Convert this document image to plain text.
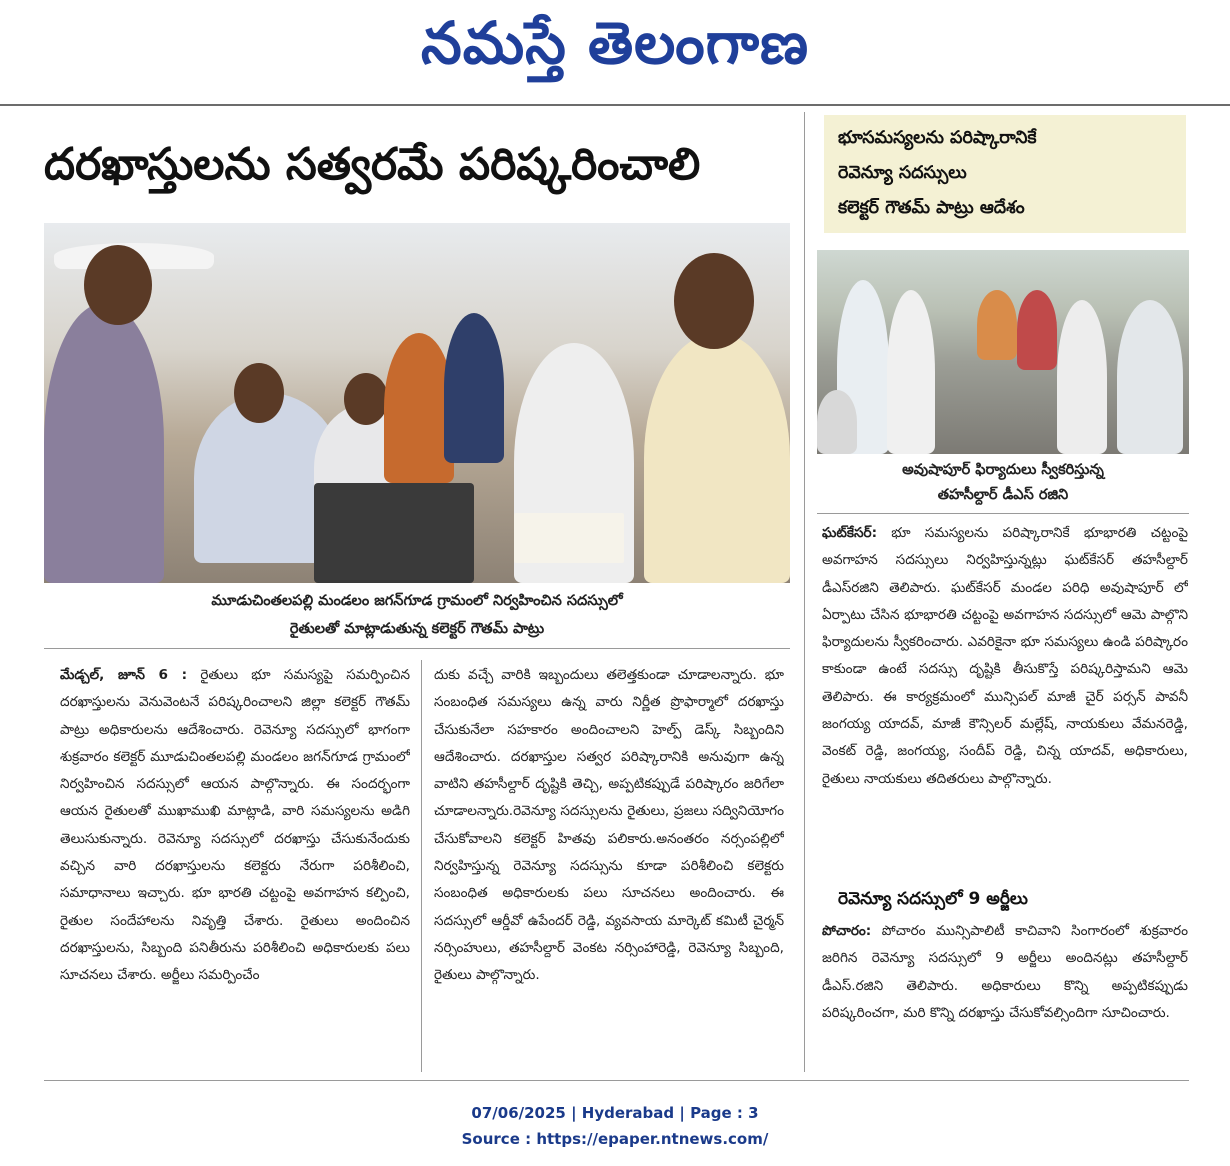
నమస్తే తెలంగాణ
దరఖాస్తులను సత్వరమే పరిష్కరించాలి
భూసమస్యలను పరిష్కారానికే
రెవెన్యూ సదస్సులు
కలెక్టర్ గౌతమ్ పాట్రు ఆదేశం
మూడుచింతలపల్లి మండలం జగన్‌గూడ గ్రామంలో నిర్వహించిన సదస్సులో
రైతులతో మాట్లాడుతున్న కలెక్టర్ గౌతమ్ పాట్రు
అవుషాపూర్ ఫిర్యాదులు స్వీకరిస్తున్న
తహసీల్దార్ డీఎస్ రజిని
మేడ్చల్, జూన్ 6 : రైతులు భూ సమస్యపై సమర్పించిన దరఖాస్తులను వెనువెంటనే పరిష్కరించాలని జిల్లా కలెక్టర్ గౌతమ్ పాట్రు అధికారులను ఆదేశించారు. రెవెన్యూ సదస్సులో భాగంగా శుక్రవారం కలెక్టర్ మూడుచింతలపల్లి మండలం జగన్‌గూడ గ్రామంలో నిర్వహించిన సదస్సులో ఆయన పాల్గొన్నారు. ఈ సందర్భంగా ఆయన రైతులతో ముఖాముఖి మాట్లాడి, వారి సమస్యలను అడిగి తెలుసుకున్నారు. రెవెన్యూ సదస్సులో దరఖాస్తు చేసుకునేందుకు వచ్చిన వారి దరఖాస్తులను కలెక్టరు నేరుగా పరిశీలించి, సమాధానాలు ఇచ్చారు. భూ భారతి చట్టంపై అవగాహన కల్పించి, రైతుల సందేహాలను నివృత్తి చేశారు. రైతులు అందించిన దరఖాస్తులను, సిబ్బంది పనితీరును పరిశీలించి అధికారులకు పలు సూచనలు చేశారు. అర్జీలు సమర్పించేం
దుకు వచ్చే వారికి ఇబ్బందులు తలెత్తకుండా చూడాలన్నారు. భూ సంబంధిత సమస్యలు ఉన్న వారు నిర్ణీత ప్రొఫార్మాలో దరఖాస్తు చేసుకునేలా సహకారం అందించాలని హెల్ప్ డెస్క్ సిబ్బందిని ఆదేశించారు. దరఖాస్తుల సత్వర పరిష్కారానికి అనువుగా ఉన్న వాటిని తహసీల్దార్ దృష్టికి తెచ్చి, అప్పటికప్పుడే పరిష్కారం జరిగేలా చూడాలన్నారు.రెవెన్యూ సదస్సులను రైతులు, ప్రజలు సద్వినియోగం చేసుకోవాలని కలెక్టర్ హితవు పలికారు.అనంతరం నర్సంపల్లిలో నిర్వహిస్తున్న రెవెన్యూ సదస్సును కూడా పరిశీలించి కలెక్టరు సంబంధిత అధికారులకు పలు సూచనలు అందించారు. ఈ సదస్సులో ఆర్డీవో ఉపేందర్ రెడ్డి, వ్యవసాయ మార్కెట్ కమిటీ చైర్మన్ నర్సింహులు, తహసీల్దార్ వెంకట నర్సింహారెడ్డి, రెవెన్యూ సిబ్బంది, రైతులు పాల్గొన్నారు.
ఘట్‌కేసర్: భూ సమస్యలను పరిష్కారానికే భూభారతి చట్టంపై అవగాహన సదస్సులు నిర్వహిస్తున్నట్లు ఘట్‌కేసర్ తహసీల్దార్ డీఎస్‌రజిని తెలిపారు. ఘట్‌కేసర్ మండల పరిధి అవుషాపూర్ లో ఏర్పాటు చేసిన భూభారతి చట్టంపై అవగాహన సదస్సులో ఆమె పాల్గొని ఫిర్యాదులను స్వీకరించారు. ఎవరికైనా భూ సమస్యలు ఉండి పరిష్కారం కాకుండా ఉంటే సదస్సు దృష్టికి తీసుకొస్తే పరిష్కరిస్తామని ఆమె తెలిపారు. ఈ కార్యక్రమంలో మున్సిపల్ మాజీ చైర్ పర్సన్ పావనీ జంగయ్య యాదవ్, మాజీ కౌన్సిలర్ మల్లేష్, నాయకులు వేమనరెడ్డి, వెంకట్ రెడ్డి, జంగయ్య, సందీప్ రెడ్డి, చిన్న యాదవ్, అధికారులు, రైతులు నాయకులు తదితరులు పాల్గొన్నారు.
రెవెన్యూ సదస్సులో 9 అర్జీలు
పోచారం: పోచారం మున్సిపాలిటీ కాచివాని సింగారంలో శుక్రవారం జరిగిన రెవెన్యూ సదస్సులో 9 అర్జీలు అందినట్లు తహసీల్దార్ డీఎస్.రజిని తెలిపారు. అధికారులు కొన్ని అప్పటికప్పుడు పరిష్కరించగా, మరి కొన్ని దరఖాస్తు చేసుకోవల్సిందిగా సూచించారు.
07/06/2025 | Hyderabad | Page : 3
Source : https://epaper.ntnews.com/
